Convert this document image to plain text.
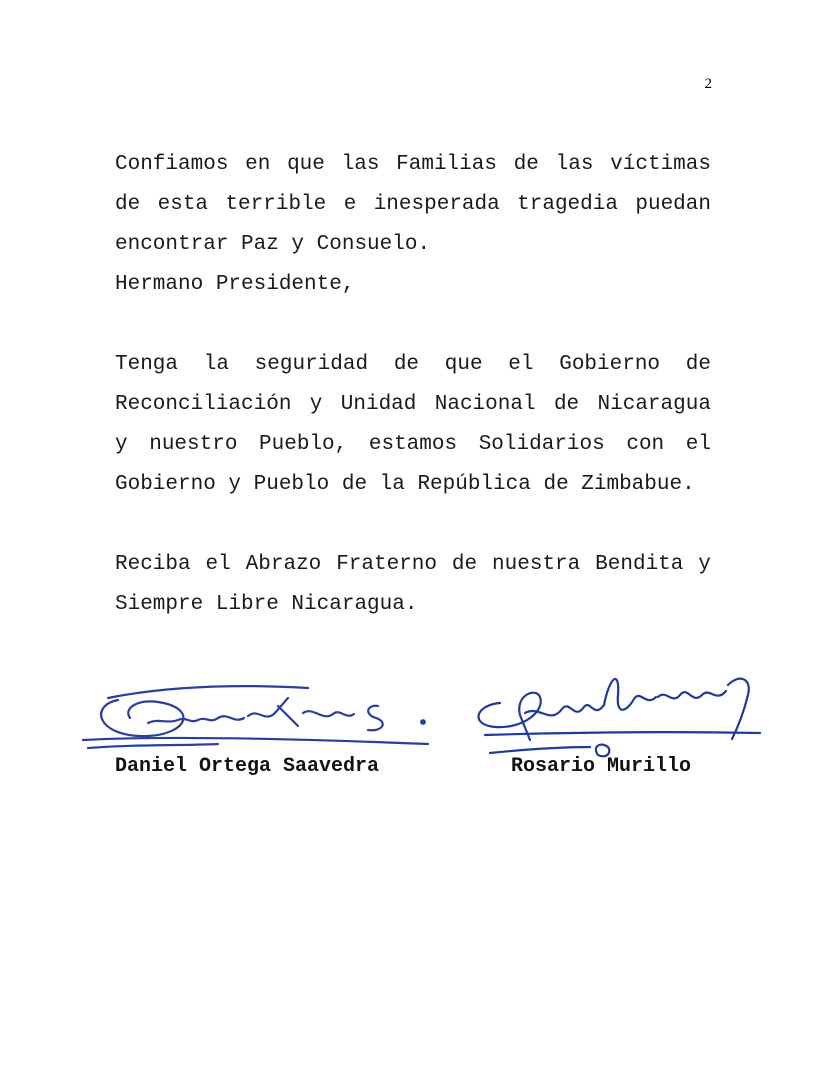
2
Confiamos en que las Familias de las víctimas
de esta terrible e inesperada tragedia puedan
encontrar Paz y Consuelo.
Hermano Presidente,
Tenga la seguridad de que el Gobierno de
Reconciliación y Unidad Nacional de Nicaragua
y nuestro Pueblo, estamos Solidarios con el
Gobierno y Pueblo de la República de Zimbabue.
Reciba el Abrazo Fraterno de nuestra Bendita y
Siempre Libre Nicaragua.
Daniel Ortega Saavedra	Rosario Murillo
